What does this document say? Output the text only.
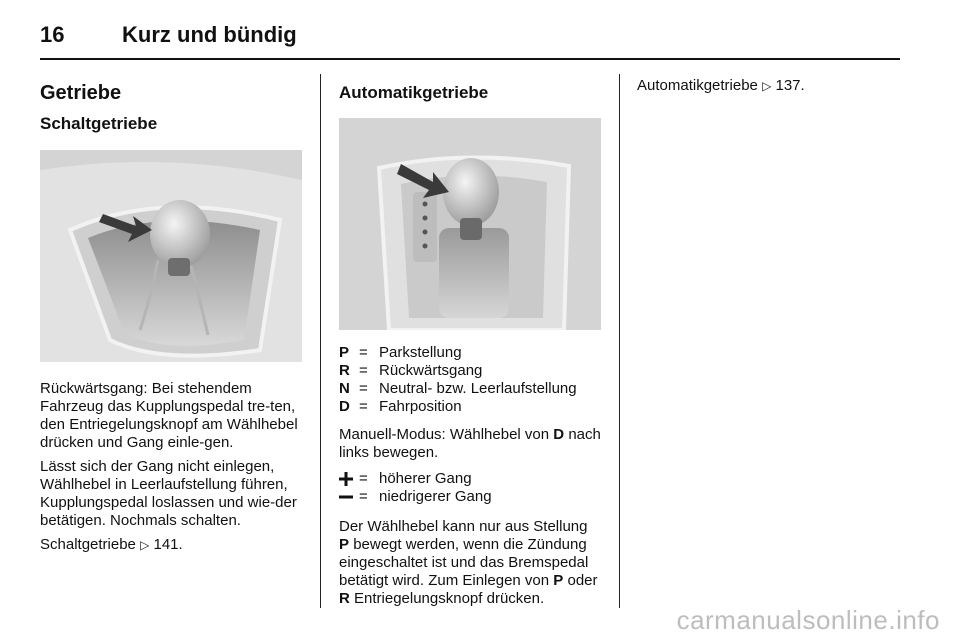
16	Kurz und bündig
Getriebe
Schaltgetriebe

Rückwärtsgang: Bei stehendem Fahrzeug das Kupplungspedal tre-ten, den Entriegelungsknopf am Wählhebel drücken und Gang einle-gen.

Lässt sich der Gang nicht einlegen, Wählhebel in Leerlaufstellung führen, Kupplungspedal loslassen und wie-der betätigen. Nochmals schalten.

Schaltgetriebe ▷ 141.

Automatikgetriebe
P = Parkstellung
R = Rückwärtsgang
N = Neutral- bzw. Leerlaufstellung
D = Fahrposition

Manuell-Modus: Wählhebel von D nach links bewegen.

= höherer Gang
= niedrigerer Gang

Der Wählhebel kann nur aus Stellung P bewegt werden, wenn die Zündung eingeschaltet ist und das Bremspedal betätigt wird. Zum Einlegen von P oder R Entriegelungsknopf drücken.

Automatikgetriebe ▷ 137.

carmanualsonline.info
